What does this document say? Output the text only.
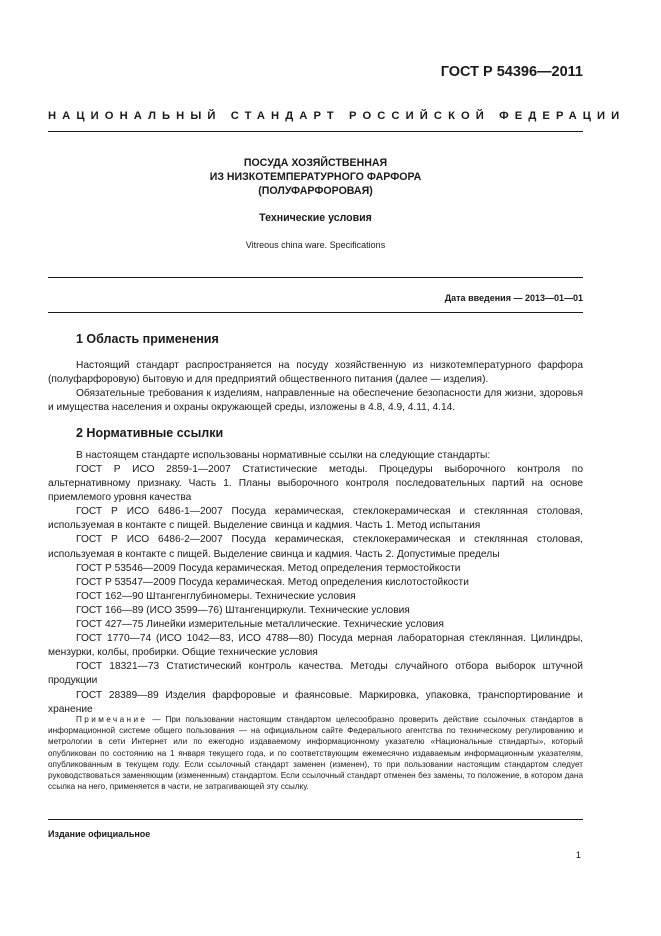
ГОСТ Р 54396—2011
НАЦИОНАЛЬНЫЙ СТАНДАРТ РОССИЙСКОЙ ФЕДЕРАЦИИ
ПОСУДА ХОЗЯЙСТВЕННАЯ
ИЗ НИЗКОТЕМПЕРАТУРНОГО ФАРФОРА
(ПОЛУФАРФОРОВАЯ)
Технические условия
Vitreous china ware. Specifications
Дата введения — 2013—01—01
1 Область применения
Настоящий стандарт распространяется на посуду хозяйственную из низкотемпературного фарфора (полуфарфоровую) бытовую и для предприятий общественного питания (далее — изделия).
Обязательные требования к изделиям, направленные на обеспечение безопасности для жизни, здоровья и имущества населения и охраны окружающей среды, изложены в 4.8, 4.9, 4.11, 4.14.
2 Нормативные ссылки
В настоящем стандарте использованы нормативные ссылки на следующие стандарты:
ГОСТ Р ИСО 2859-1—2007 Статистические методы. Процедуры выборочного контроля по альтернативному признаку. Часть 1. Планы выборочного контроля последовательных партий на основе приемлемого уровня качества
ГОСТ Р ИСО 6486-1—2007 Посуда керамическая, стеклокерамическая и стеклянная столовая, используемая в контакте с пищей. Выделение свинца и кадмия. Часть 1. Метод испытания
ГОСТ Р ИСО 6486-2—2007 Посуда керамическая, стеклокерамическая и стеклянная столовая, используемая в контакте с пищей. Выделение свинца и кадмия. Часть 2. Допустимые пределы
ГОСТ Р 53546—2009 Посуда керамическая. Метод определения термостойкости
ГОСТ Р 53547—2009 Посуда керамическая. Метод определения кислотостойкости
ГОСТ 162—90 Штангенглубиномеры. Технические условия
ГОСТ 166—89 (ИСО 3599—76) Штангенциркули. Технические условия
ГОСТ 427—75 Линейки измерительные металлические. Технические условия
ГОСТ 1770—74 (ИСО 1042—83, ИСО 4788—80) Посуда мерная лабораторная стеклянная. Цилиндры, мензурки, колбы, пробирки. Общие технические условия
ГОСТ 18321—73 Статистический контроль качества. Методы случайного отбора выборок штучной продукции
ГОСТ 28389—89 Изделия фарфоровые и фаянсовые. Маркировка, упаковка, транспортирование и хранение
Примечание — При пользовании настоящим стандартом целесообразно проверить действие ссылочных стандартов в информационной системе общего пользования — на официальном сайте Федерального агентства по техническому регулированию и метрологии в сети Интернет или по ежегодно издаваемому информационному указателю «Национальные стандарты», который опубликован по состоянию на 1 января текущего года, и по соответствующим ежемесячно издаваемым информационным указателям, опубликованным в текущем году. Если ссылочный стандарт заменен (изменен), то при пользовании настоящим стандартом следует руководствоваться заменяющим (измененным) стандартом. Если ссылочный стандарт отменен без замены, то положение, в котором дана ссылка на него, применяется в части, не затрагивающей эту ссылку.
Издание официальное
1
